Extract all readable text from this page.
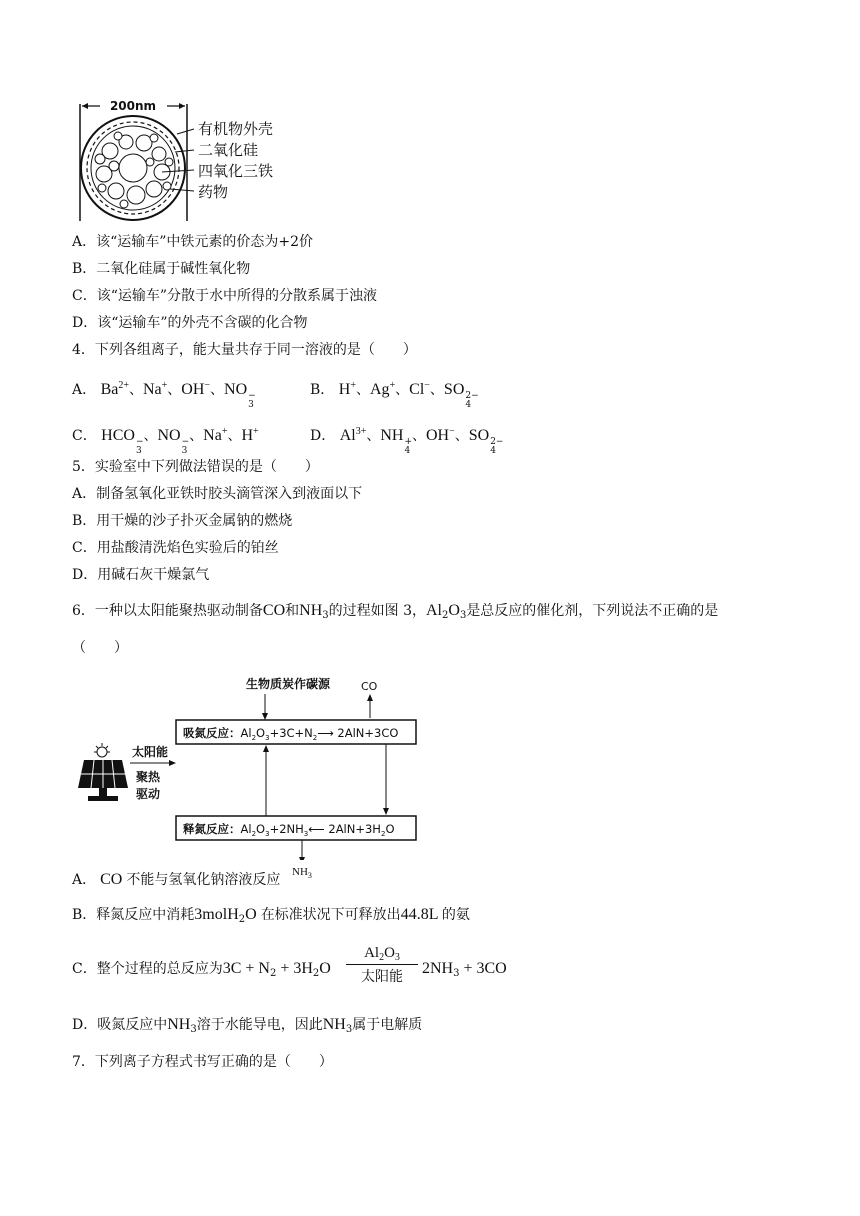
200nm
有机物外壳
二氧化硅
四氧化三铁
药物
A．该“运输车”中铁元素的价态为+2价
B．二氧化硅属于碱性氧化物
C．该“运输车”分散于水中所得的分散系属于浊液
D．该“运输车”的外壳不含碳的化合物
4．下列各组离子，能大量共存于同一溶液的是（　　）
A． $Ba^{2+}$、Na+、OH−、NO −
3
B． H+、Ag+、Cl−、SO 2−
4
C． HCO −
3
、NO −
3
、Na+、H+	D． $Al^{3+}$、NH +
4
、OH−、SO 2−
4
5．实验室中下列做法错误的是（　　）
A．制备氢氧化亚铁时胶头滴管深入到液面以下
B．用干燥的沙子扑灭金属钠的燃烧
C．用盐酸清洗焰色实验后的铂丝
D．用碱石灰干燥氯气
6．一种以太阳能聚热驱动制备CO和$NH_3$的过程如图 3，$Al_2O_3$是总反应的催化剂，下列说法不正确的是
（　　）
生物质炭作碳源	CO
吸氮反应：$Al_2O_3+3C+N_2⟶$ 2AlN+3CO
释氮反应：$Al_2O_3+2NH_3⟵$ $2AlN+3H_2O$
太阳能
聚热
驱动
$NH_3$
A． CO 不能与氢氧化钠溶液反应
B．释氮反应中消耗3molH$_2$O 在标准状况下可释放出44.8L 的氨
C．整个过程的总反应为$3C + N_2 + 3H_2O$
$Al_2O_3$
太阳能 $2NH_3 + 3CO$
D．吸氮反应中$NH_3$溶于水能导电，因此$NH_3$属于电解质
7．下列离子方程式书写正确的是（　　）
